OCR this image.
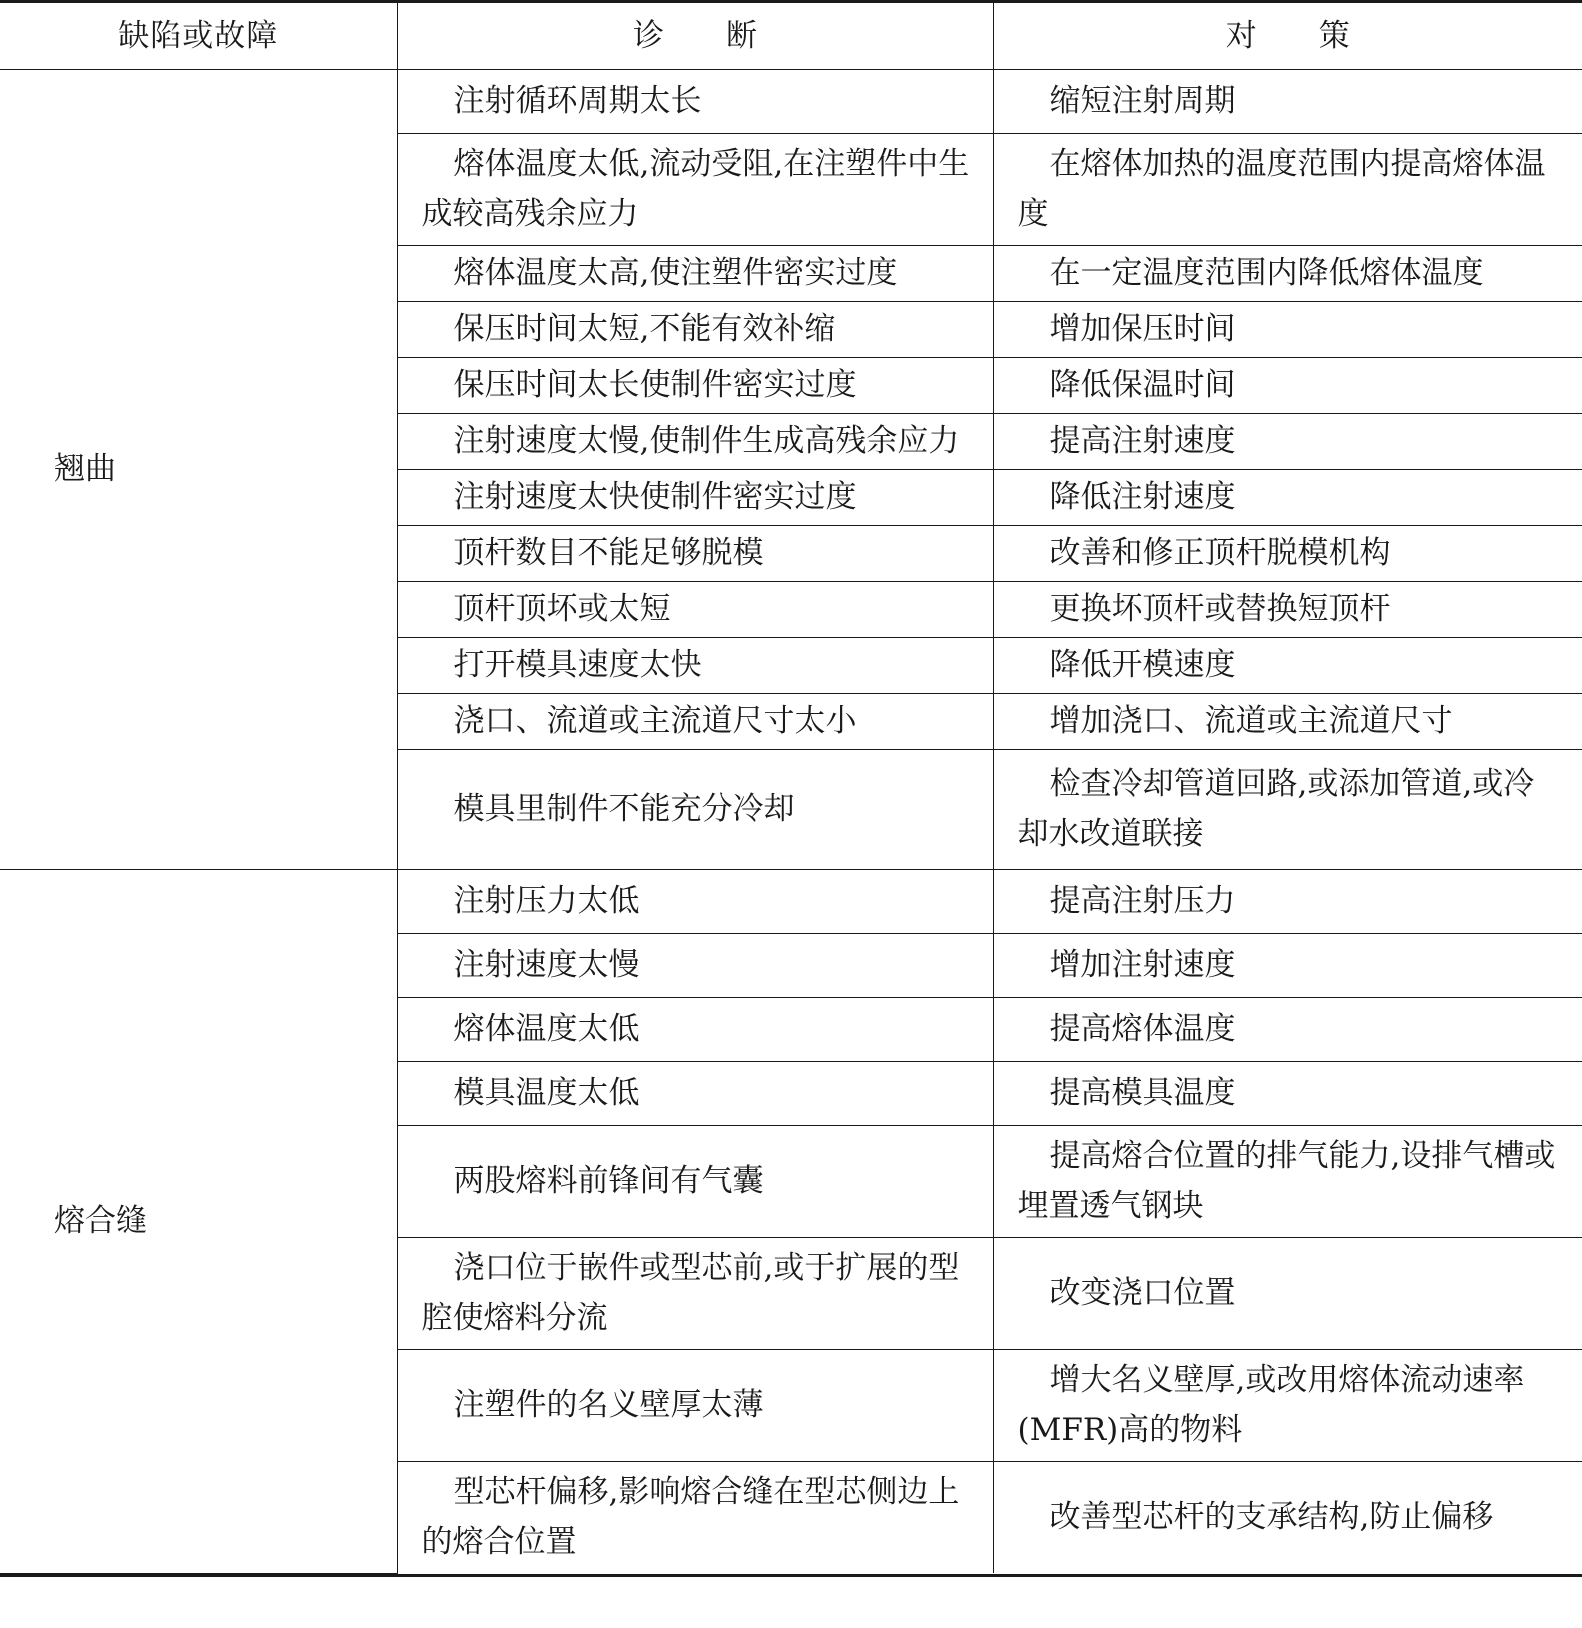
缺陷或故障	诊　　断	对　　策
翘曲	注射循环周期太长	缩短注射周期
	熔体温度太低,流动受阻,在注塑件中生成较高残余应力	在熔体加热的温度范围内提高熔体温度
	熔体温度太高,使注塑件密实过度	在一定温度范围内降低熔体温度
	保压时间太短,不能有效补缩	增加保压时间
	保压时间太长使制件密实过度	降低保温时间
	注射速度太慢,使制件生成高残余应力	提高注射速度
	注射速度太快使制件密实过度	降低注射速度
	顶杆数目不能足够脱模	改善和修正顶杆脱模机构
	顶杆顶坏或太短	更换坏顶杆或替换短顶杆
	打开模具速度太快	降低开模速度
	浇口、流道或主流道尺寸太小	增加浇口、流道或主流道尺寸
	模具里制件不能充分冷却	检查冷却管道回路,或添加管道,或冷却水改道联接
熔合缝	注射压力太低	提高注射压力
	注射速度太慢	增加注射速度
	熔体温度太低	提高熔体温度
	模具温度太低	提高模具温度
	两股熔料前锋间有气囊	提高熔合位置的排气能力,设排气槽或埋置透气钢块
	浇口位于嵌件或型芯前,或于扩展的型腔使熔料分流	改变浇口位置
	注塑件的名义壁厚太薄	增大名义壁厚,或改用熔体流动速率(MFR)高的物料
	型芯杆偏移,影响熔合缝在型芯侧边上的熔合位置	改善型芯杆的支承结构,防止偏移
